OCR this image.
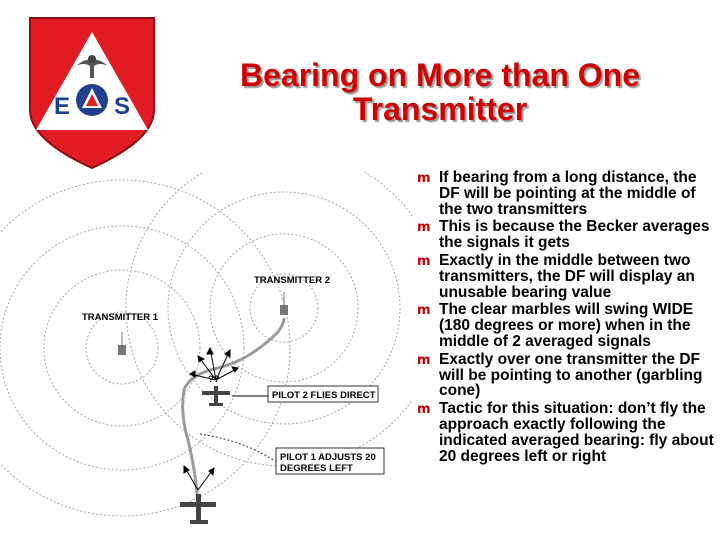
E S
Bearing on More than One
Transmitter
TRANSMITTER 1
TRANSMITTER 2
??
PILOT 2 FLIES DIRECT
PILOT 1 ADJUSTS 20
DEGREES LEFT
m If bearing from a long distance, the DF will be pointing at the middle of the two transmitters
m This is because the Becker averages the signals it gets
m Exactly in the middle between two transmitters, the DF will display an unusable bearing value
m The clear marbles will swing WIDE (180 degrees or more) when in the middle of 2 averaged signals
m Exactly over one transmitter the DF will be pointing to another (garbling cone)
m Tactic for this situation: don’t fly the approach exactly following the indicated averaged bearing: fly about 20 degrees left or right
